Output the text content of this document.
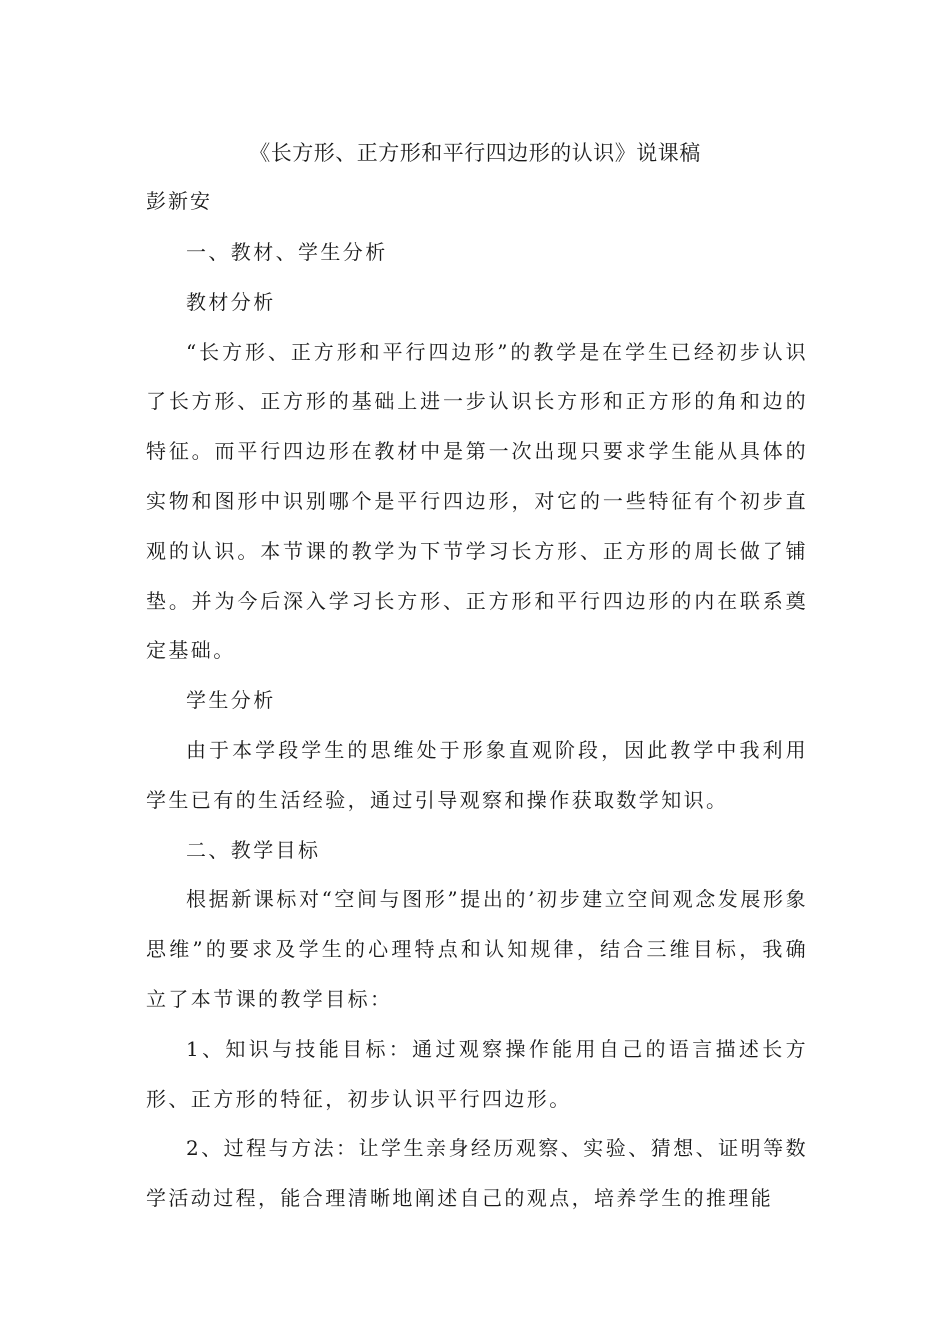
《长方形、正方形和平行四边形的认识》说课稿
彭新安

一、教材、学生分析

教材分析

“长方形、正方形和平行四边形”的教学是在学生已经初步认识了长方形、正方形的基础上进一步认识长方形和正方形的角和边的特征。而平行四边形在教材中是第一次出现只要求学生能从具体的实物和图形中识别哪个是平行四边形，对它的一些特征有个初步直观的认识。本节课的教学为下节学习长方形、正方形的周长做了铺垫。并为今后深入学习长方形、正方形和平行四边形的内在联系奠定基础。

学生分析

由于本学段学生的思维处于形象直观阶段，因此教学中我利用学生已有的生活经验，通过引导观察和操作获取数学知识。

二、教学目标

根据新课标对“空间与图形”提出的’初步建立空间观念发展形象思维”的要求及学生的心理特点和认知规律，结合三维目标，我确立了本节课的教学目标：

1、知识与技能目标：通过观察操作能用自己的语言描述长方形、正方形的特征，初步认识平行四边形。

2、过程与方法：让学生亲身经历观察、实验、猜想、证明等数学活动过程，能合理清晰地阐述自己的观点，培养学生的推理能
